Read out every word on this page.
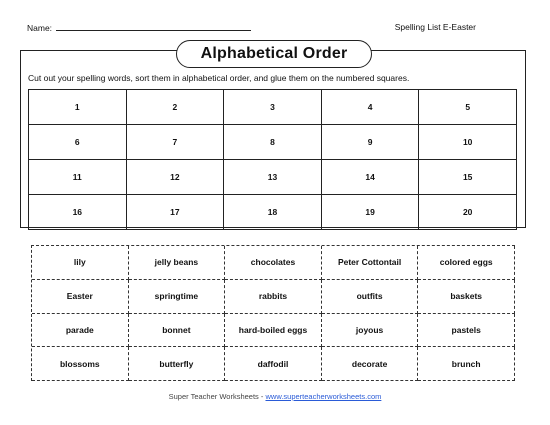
Name:	Spelling List E-Easter
Alphabetical Order
Cut out your spelling words, sort them in alphabetical order, and glue them on the numbered squares.
1	2	3	4	5
6	7	8	9	10
11	12	13	14	15
16	17	18	19	20
lily	jelly beans	chocolates	Peter Cottontail	colored eggs
Easter	springtime	rabbits	outfits	baskets
parade	bonnet	hard-boiled eggs	joyous	pastels
blossoms	butterfly	daffodil	decorate	brunch
Super Teacher Worksheets - www.superteacherworksheets.com
